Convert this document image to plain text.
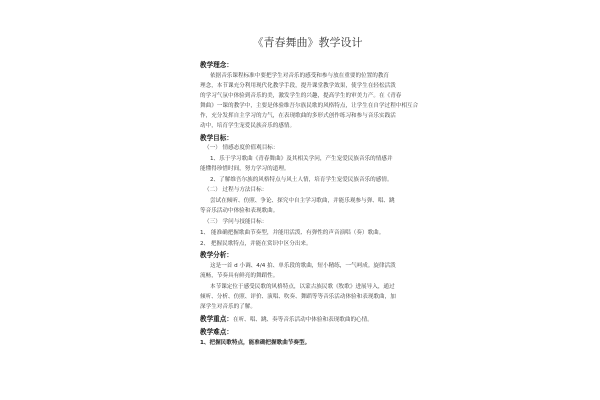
《青春舞曲》教学设计
教学理念：
依据音乐课程标准中要把学生对音乐的感受和参与放在重要的位置的教育
理念，本节课充分利用现代化教学手段，提升课堂教学效果，使学生在轻松活泼
的学习气氛中体验到音乐的美，激发学生的兴趣，提高学生的审美力产。在《青春
舞曲》一课的教学中，主要是体验维吾尔族民歌的风格特点，让学生在自学过程中相互合
作，充分发挥自主学习的力气，在表现歌曲的多形式创作练习和参与音乐实践活
动中，培育学生宠爱民族音乐的感情。
教学目标：
（一） 情感态度价值观目标：
1、乐于学习歌曲《青春舞曲》及其相关学问，产生宠爱民族音乐的情感并
能懂得珍惜时间，努力学习的道理。
2、了解维吾尔族的风格特点与风土人情，培育学生宠爱民族音乐的感情。
（二） 过程与方法目标：
尝试在倾听、仿照、争论、探究中自主学习歌曲，并能乐观参与弹、唱、跳
等音乐活动中体验和表现歌曲。
（三） 学问与技能目标：
1、 能准确把握歌曲节奏型，并能用活泼、有弹性的声音演唱（奏）歌曲。
2、 把握民歌特点，并能在赏识中区分出来。
教学分析：
这是一首 d 小调、4/4 拍、单乐段的歌曲，短小精练，一气呵成。旋律活泼
流畅，节奏具有鲜亮的舞蹈性。
本节课定位于感受民歌的风格特点，以蒙古族民歌《牧歌》进展导入，通过
倾听、分析、仿照、评价、演唱、吹奏、舞蹈等等音乐活动体验和表现歌曲，加
深学生对音乐的了解。
教学重点：在听、唱、跳、奏等音乐活动中体验和表现歌曲的心情。
教学难点：
1、把握民歌特点，能准确把握歌曲节奏型。
